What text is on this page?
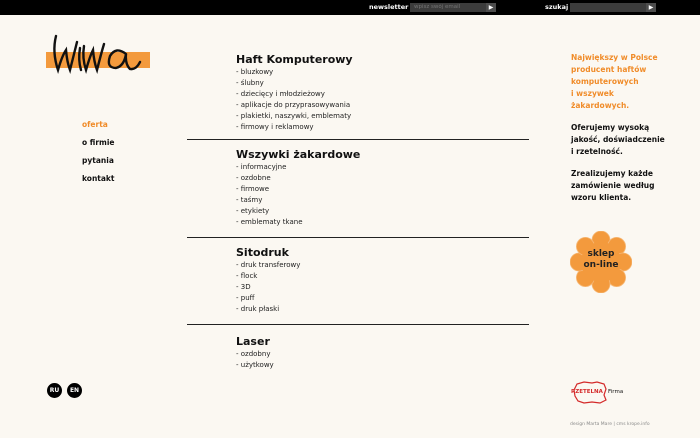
newsletter
wpisz swój email	▶	szukaj	▶
oferta
o firmie
pytania
kontakt
Haft Komputerowy
- bluzkowy
- ślubny
- dziecięcy i młodzieżowy
- aplikacje do przyprasowywania
- plakietki, naszywki, emblematy
- firmowy i reklamowy
Wszywki żakardowe
- informacyjne
- ozdobne
- firmowe
- taśmy
- etykiety
- emblematy tkane
Sitodruk
- druk transferowy
- flock
- 3D
- puff
- druk płaski
Laser
- ozdobny
- użytkowy

Największy w Polsce
producent haftów
komputerowych
i wszywek
żakardowych.

Oferujemy wysoką
jakość, doświadczenie
i rzetelność.

Zrealizujemy każde
zamówienie według
wzoru klienta.

sklep
on-line
RU	EN	RZETELNA Firma
design Marta Mare | cms krope.info
